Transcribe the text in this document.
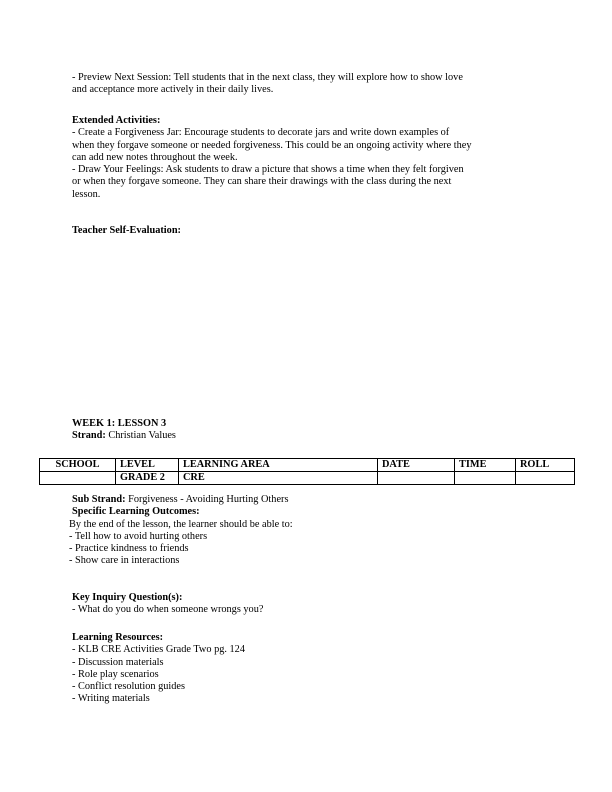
- Preview Next Session: Tell students that in the next class, they will explore how to show love
and acceptance more actively in their daily lives.
Extended Activities:
- Create a Forgiveness Jar: Encourage students to decorate jars and write down examples of
when they forgave someone or needed forgiveness. This could be an ongoing activity where they
can add new notes throughout the week.
- Draw Your Feelings: Ask students to draw a picture that shows a time when they felt forgiven
or when they forgave someone. They can share their drawings with the class during the next
lesson.
Teacher Self-Evaluation:
WEEK 1: LESSON 3
Strand: Christian Values
SCHOOL	LEVEL	LEARNING AREA	DATE	TIME	ROLL
	GRADE 2	CRE			
Sub Strand: Forgiveness - Avoiding Hurting Others
Specific Learning Outcomes:
By the end of the lesson, the learner should be able to:
- Tell how to avoid hurting others
- Practice kindness to friends
- Show care in interactions
Key Inquiry Question(s):
- What do you do when someone wrongs you?
Learning Resources:
- KLB CRE Activities Grade Two pg. 124
- Discussion materials
- Role play scenarios
- Conflict resolution guides
- Writing materials
